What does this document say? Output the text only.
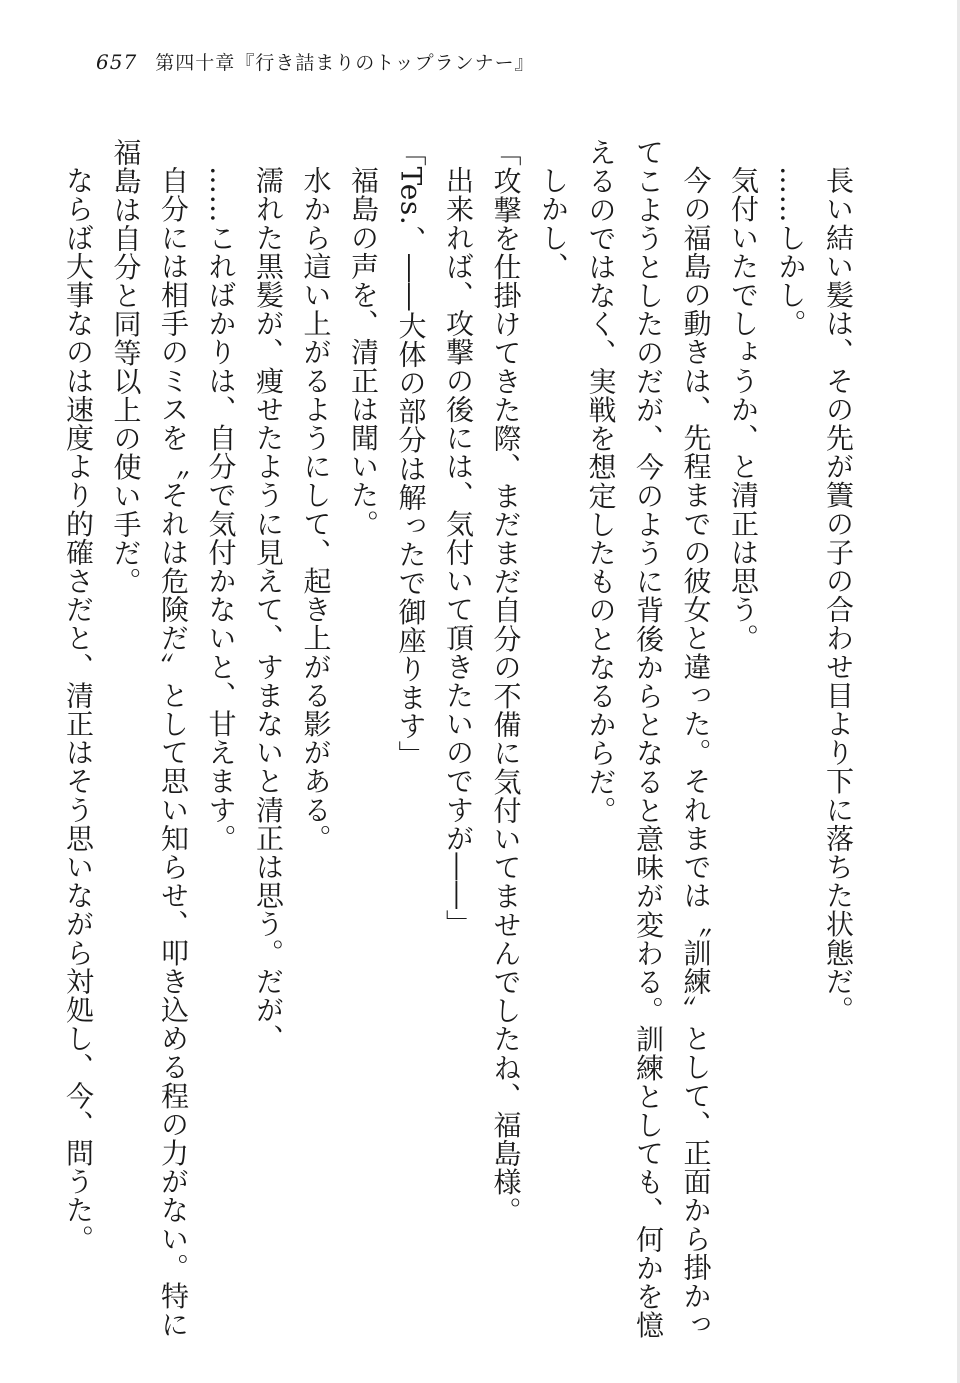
657 第四十章『行き詰まりのトップランナー』
長い結い髪は、その先が簀の子の合わせ目より下に落ちた状態だ。
……しかし。
気付いたでしょうか、と清正は思う。
今の福島の動きは、先程までの彼女と違った。それまでは〝訓練〟として、正面から掛かっ
てこようとしたのだが、今のように背後からとなると意味が変わる。訓練としても、何かを憶
えるのではなく、実戦を想定したものとなるからだ。
しかし、
「攻撃を仕掛けてきた際、まだまだ自分の不備に気付いてませんでしたね、福島様。
出来れば、攻撃の後には、気付いて頂きたいのですが――」
「Tes.、――大体の部分は解ったで御座ります」
福島の声を、清正は聞いた。
水から這い上がるようにして、起き上がる影がある。
濡れた黒髪が、痩せたように見えて、すまないと清正は思う。だが、
……こればかりは、自分で気付かないと、甘えます。
自分には相手のミスを〝それは危険だ〟として思い知らせ、叩き込める程の力がない。特に
福島は自分と同等以上の使い手だ。
ならば大事なのは速度より的確さだと、清正はそう思いながら対処し、今、問うた。
